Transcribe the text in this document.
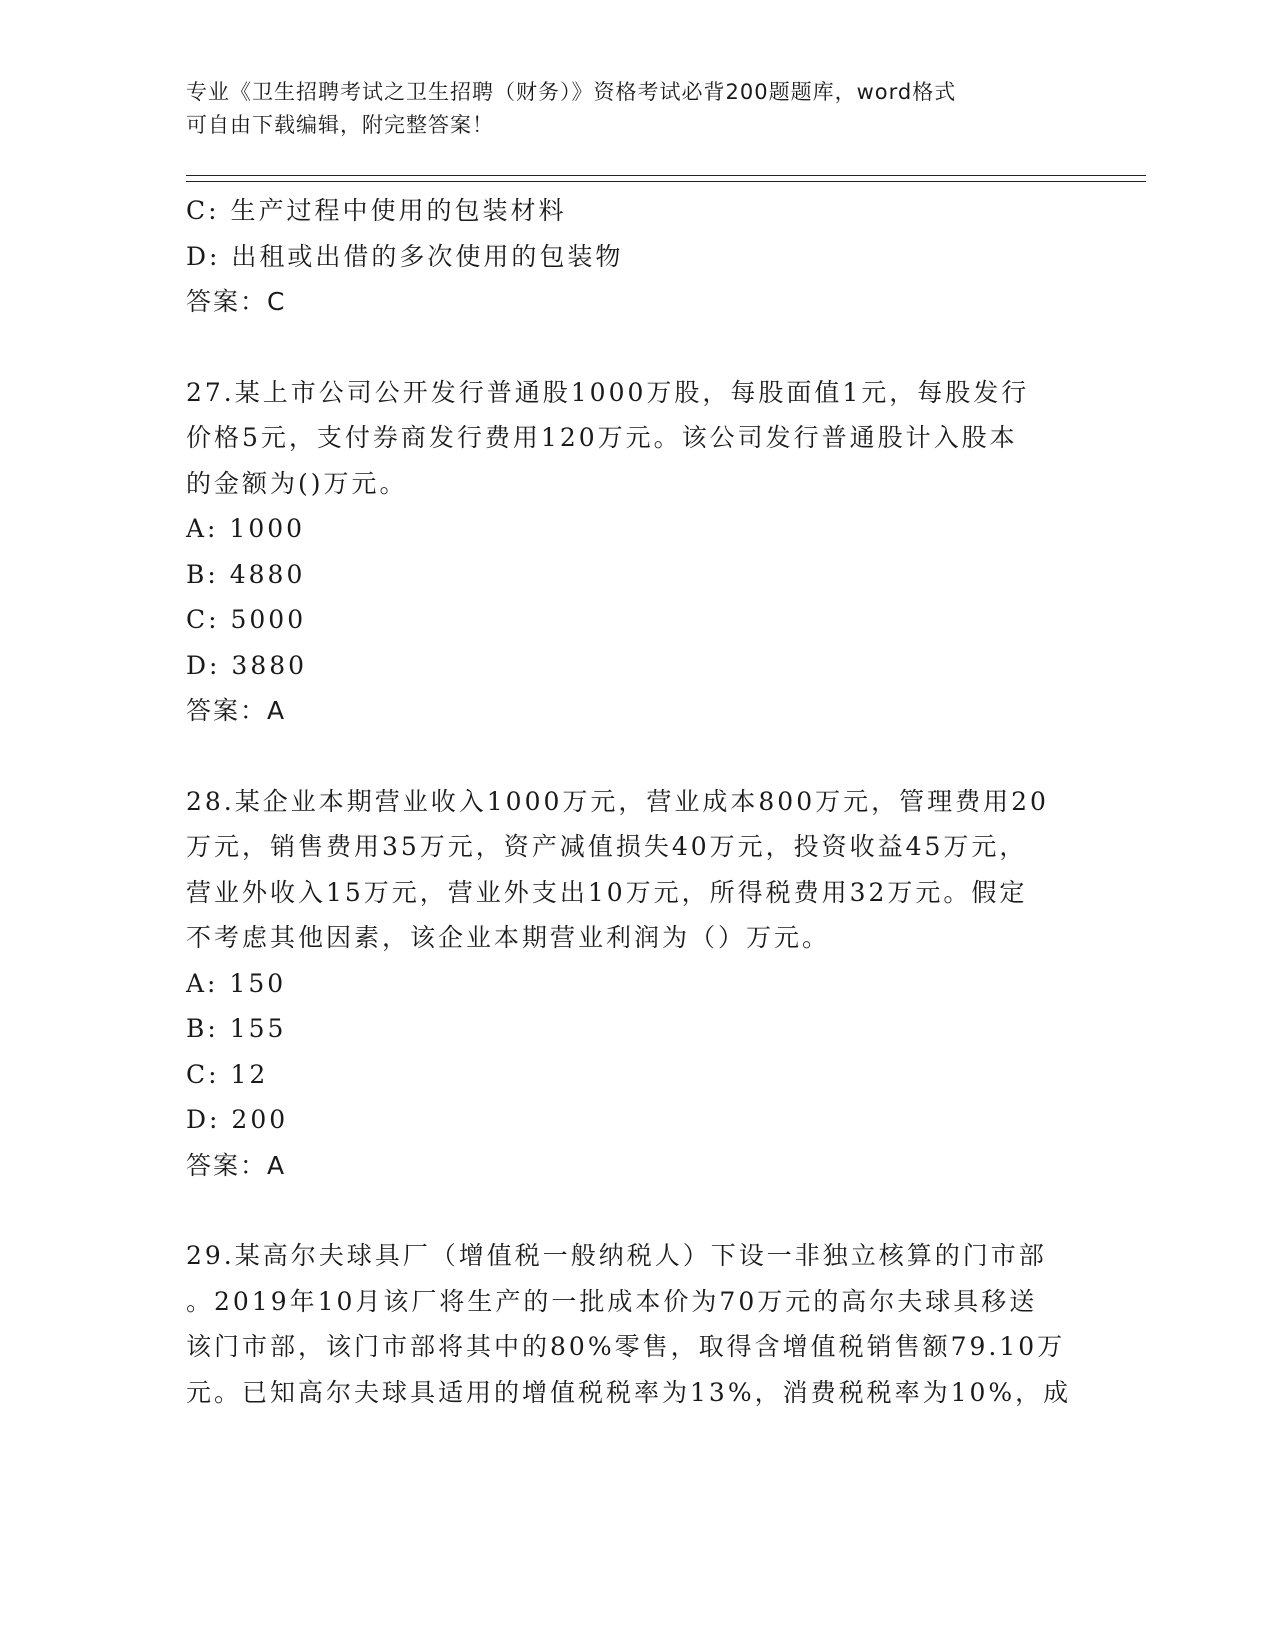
专业《卫生招聘考试之卫生招聘（财务）》资格考试必背200题题库，word格式
可自由下载编辑，附完整答案！
C: 生产过程中使用的包装材料
D: 出租或出借的多次使用的包装物
答案：C
27.某上市公司公开发行普通股1000万股，每股面值1元，每股发行
价格5元，支付券商发行费用120万元。该公司发行普通股计入股本
的金额为()万元。
A: 1000
B: 4880
C: 5000
D: 3880
答案：A
28.某企业本期营业收入1000万元，营业成本800万元，管理费用20
万元，销售费用35万元，资产减值损失40万元，投资收益45万元，
营业外收入15万元，营业外支出10万元，所得税费用32万元。假定
不考虑其他因素，该企业本期营业利润为（）万元。
A: 150
B: 155
C: 12
D: 200
答案：A
29.某高尔夫球具厂（增值税一般纳税人）下设一非独立核算的门市部
。2019年10月该厂将生产的一批成本价为70万元的高尔夫球具移送
该门市部，该门市部将其中的80%零售，取得含增值税销售额79.10万
元。已知高尔夫球具适用的增值税税率为13%，消费税税率为10%，成
